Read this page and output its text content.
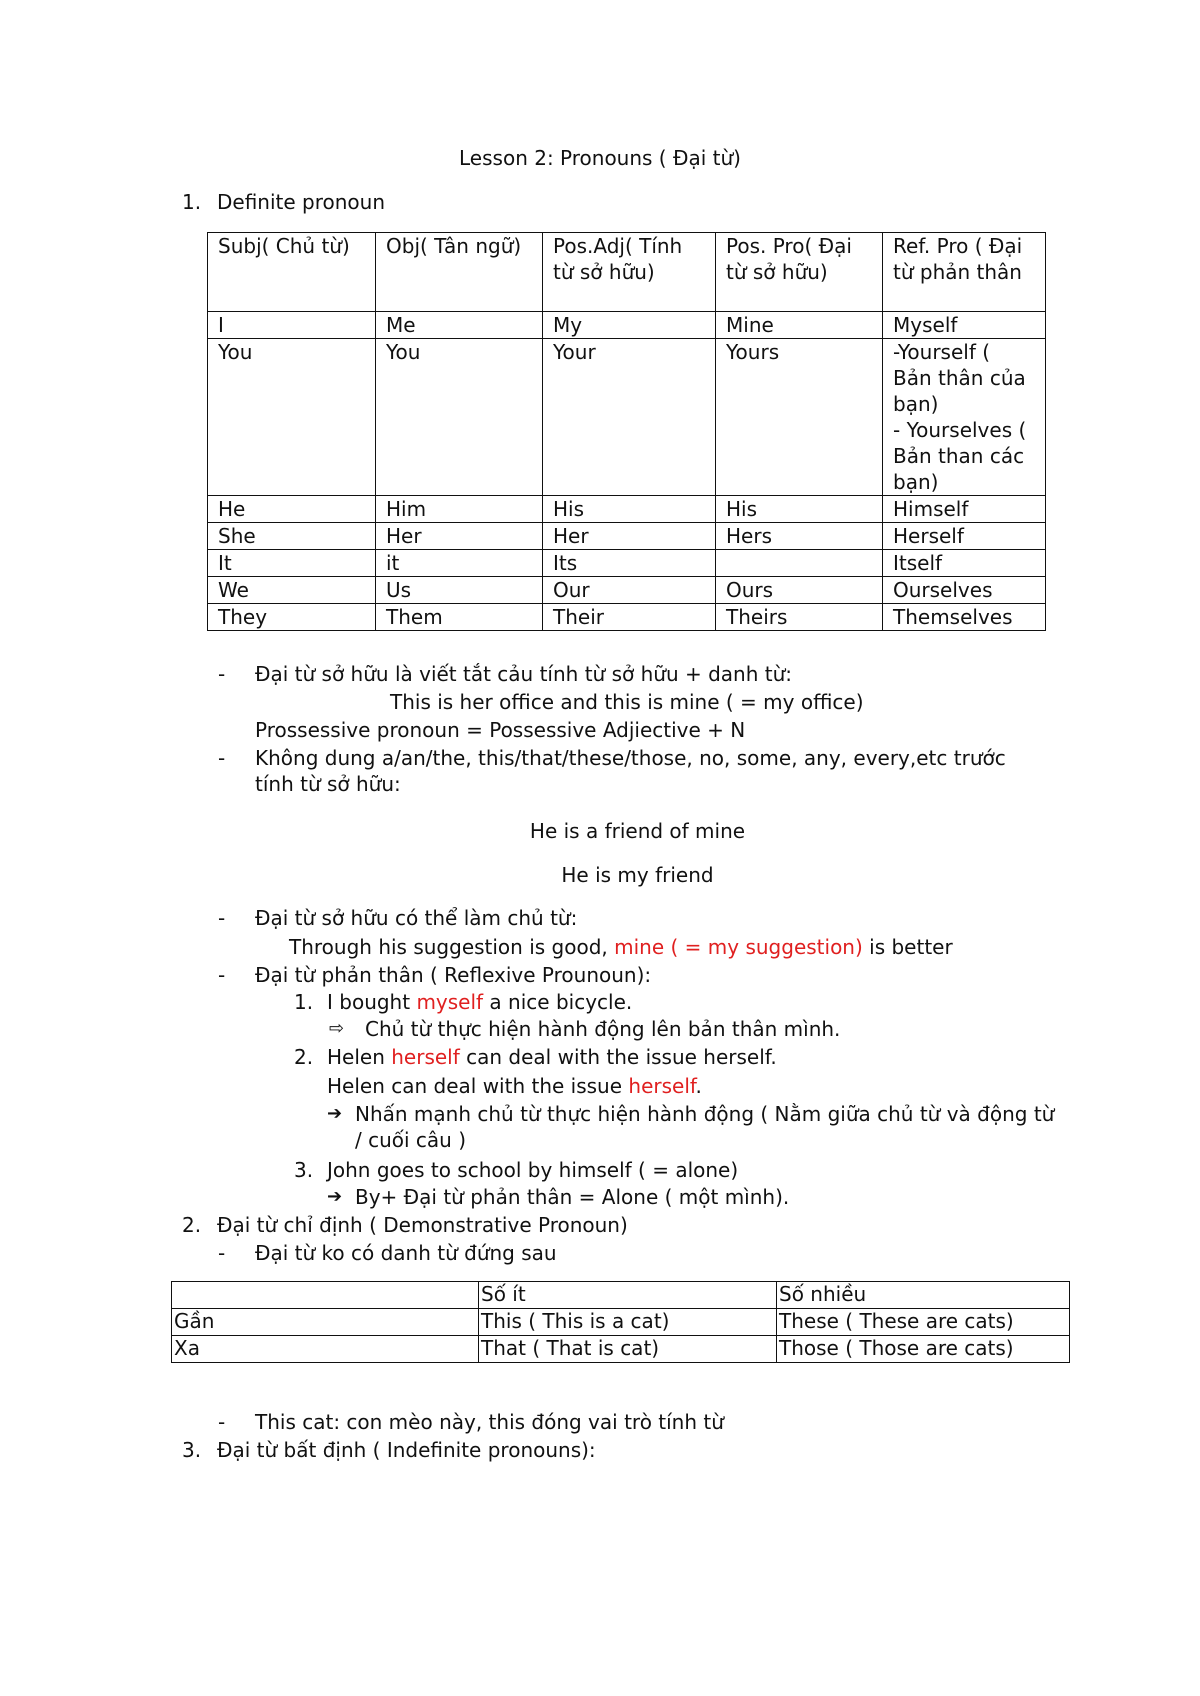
Lesson 2: Pronouns ( Đại từ)
1. Definite pronoun
Subj( Chủ từ)	Obj( Tân ngữ)	Pos.Adj( Tính từ sở hữu)	Pos. Pro( Đại từ sở hữu)	Ref. Pro ( Đại từ phản thân
I	Me	My	Mine	Myself
You	You	Your	Yours	-Yourself ( Bản thân của bạn)
- Yourselves ( Bản than các bạn)
He	Him	His	His	Himself
She	Her	Her	Hers	Herself
It	it	Its		Itself
We	Us	Our	Ours	Ourselves
They	Them	Their	Theirs	Themselves
- Đại từ sở hữu là viết tắt cảu tính từ sở hữu + danh từ:
This is her office and this is mine ( = my office)
Prossessive pronoun = Possessive Adjiective + N
- Không dung a/an/the, this/that/these/those, no, some, any, every,etc trước tính từ sở hữu:
He is a friend of mine
He is my friend
- Đại từ sở hữu có thể làm chủ từ:
Through his suggestion is good, mine ( = my suggestion) is better
- Đại từ phản thân ( Reflexive Prounoun):
1. I bought myself a nice bicycle.
⇨ Chủ từ thực hiện hành động lên bản thân mình.
2. Helen herself can deal with the issue herself.
Helen can deal with the issue herself.
➔ Nhấn mạnh chủ từ thực hiện hành động ( Nằm giữa chủ từ và động từ / cuối câu )
3. John goes to school by himself ( = alone)
➔ By+ Đại từ phản thân = Alone ( một mình).
2. Đại từ chỉ định ( Demonstrative Pronoun)
- Đại từ ko có danh từ đứng sau
	Số ít	Số nhiều
Gần	This ( This is a cat)	These ( These are cats)
Xa	That ( That is cat)	Those ( Those are cats)
- This cat: con mèo này, this đóng vai trò tính từ
3. Đại từ bất định ( Indefinite pronouns):
